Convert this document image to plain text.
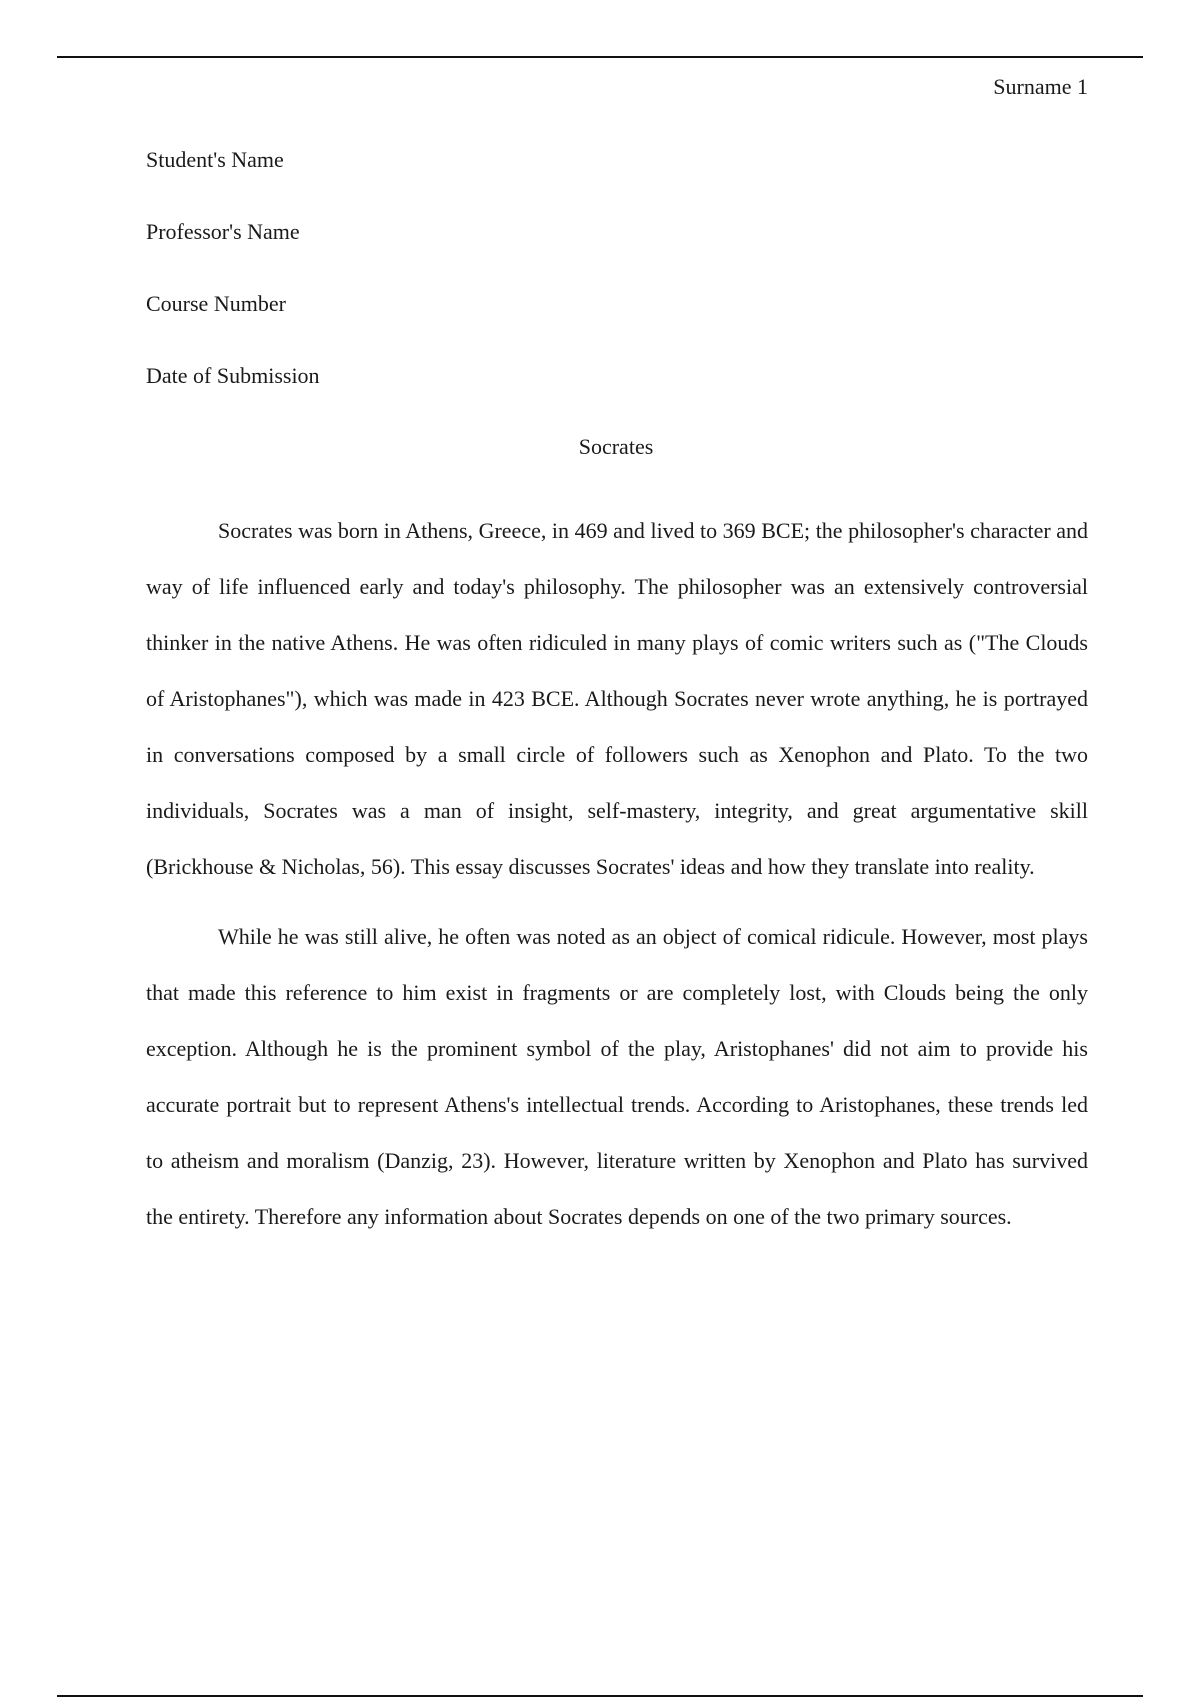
Surname 1
Student's Name
Professor's Name
Course Number
Date of Submission
Socrates

Socrates was born in Athens, Greece, in 469 and lived to 369 BCE; the philosopher's character and way of life influenced early and today's philosophy. The philosopher was an extensively controversial thinker in the native Athens. He was often ridiculed in many plays of comic writers such as ("The Clouds of Aristophanes"), which was made in 423 BCE. Although Socrates never wrote anything, he is portrayed in conversations composed by a small circle of followers such as Xenophon and Plato. To the two individuals, Socrates was a man of insight, self-mastery, integrity, and great argumentative skill (Brickhouse & Nicholas, 56). This essay discusses Socrates' ideas and how they translate into reality.

While he was still alive, he often was noted as an object of comical ridicule. However, most plays that made this reference to him exist in fragments or are completely lost, with Clouds being the only exception. Although he is the prominent symbol of the play, Aristophanes' did not aim to provide his accurate portrait but to represent Athens's intellectual trends. According to Aristophanes, these trends led to atheism and moralism (Danzig, 23). However, literature written by Xenophon and Plato has survived the entirety. Therefore any information about Socrates depends on one of the two primary sources.
